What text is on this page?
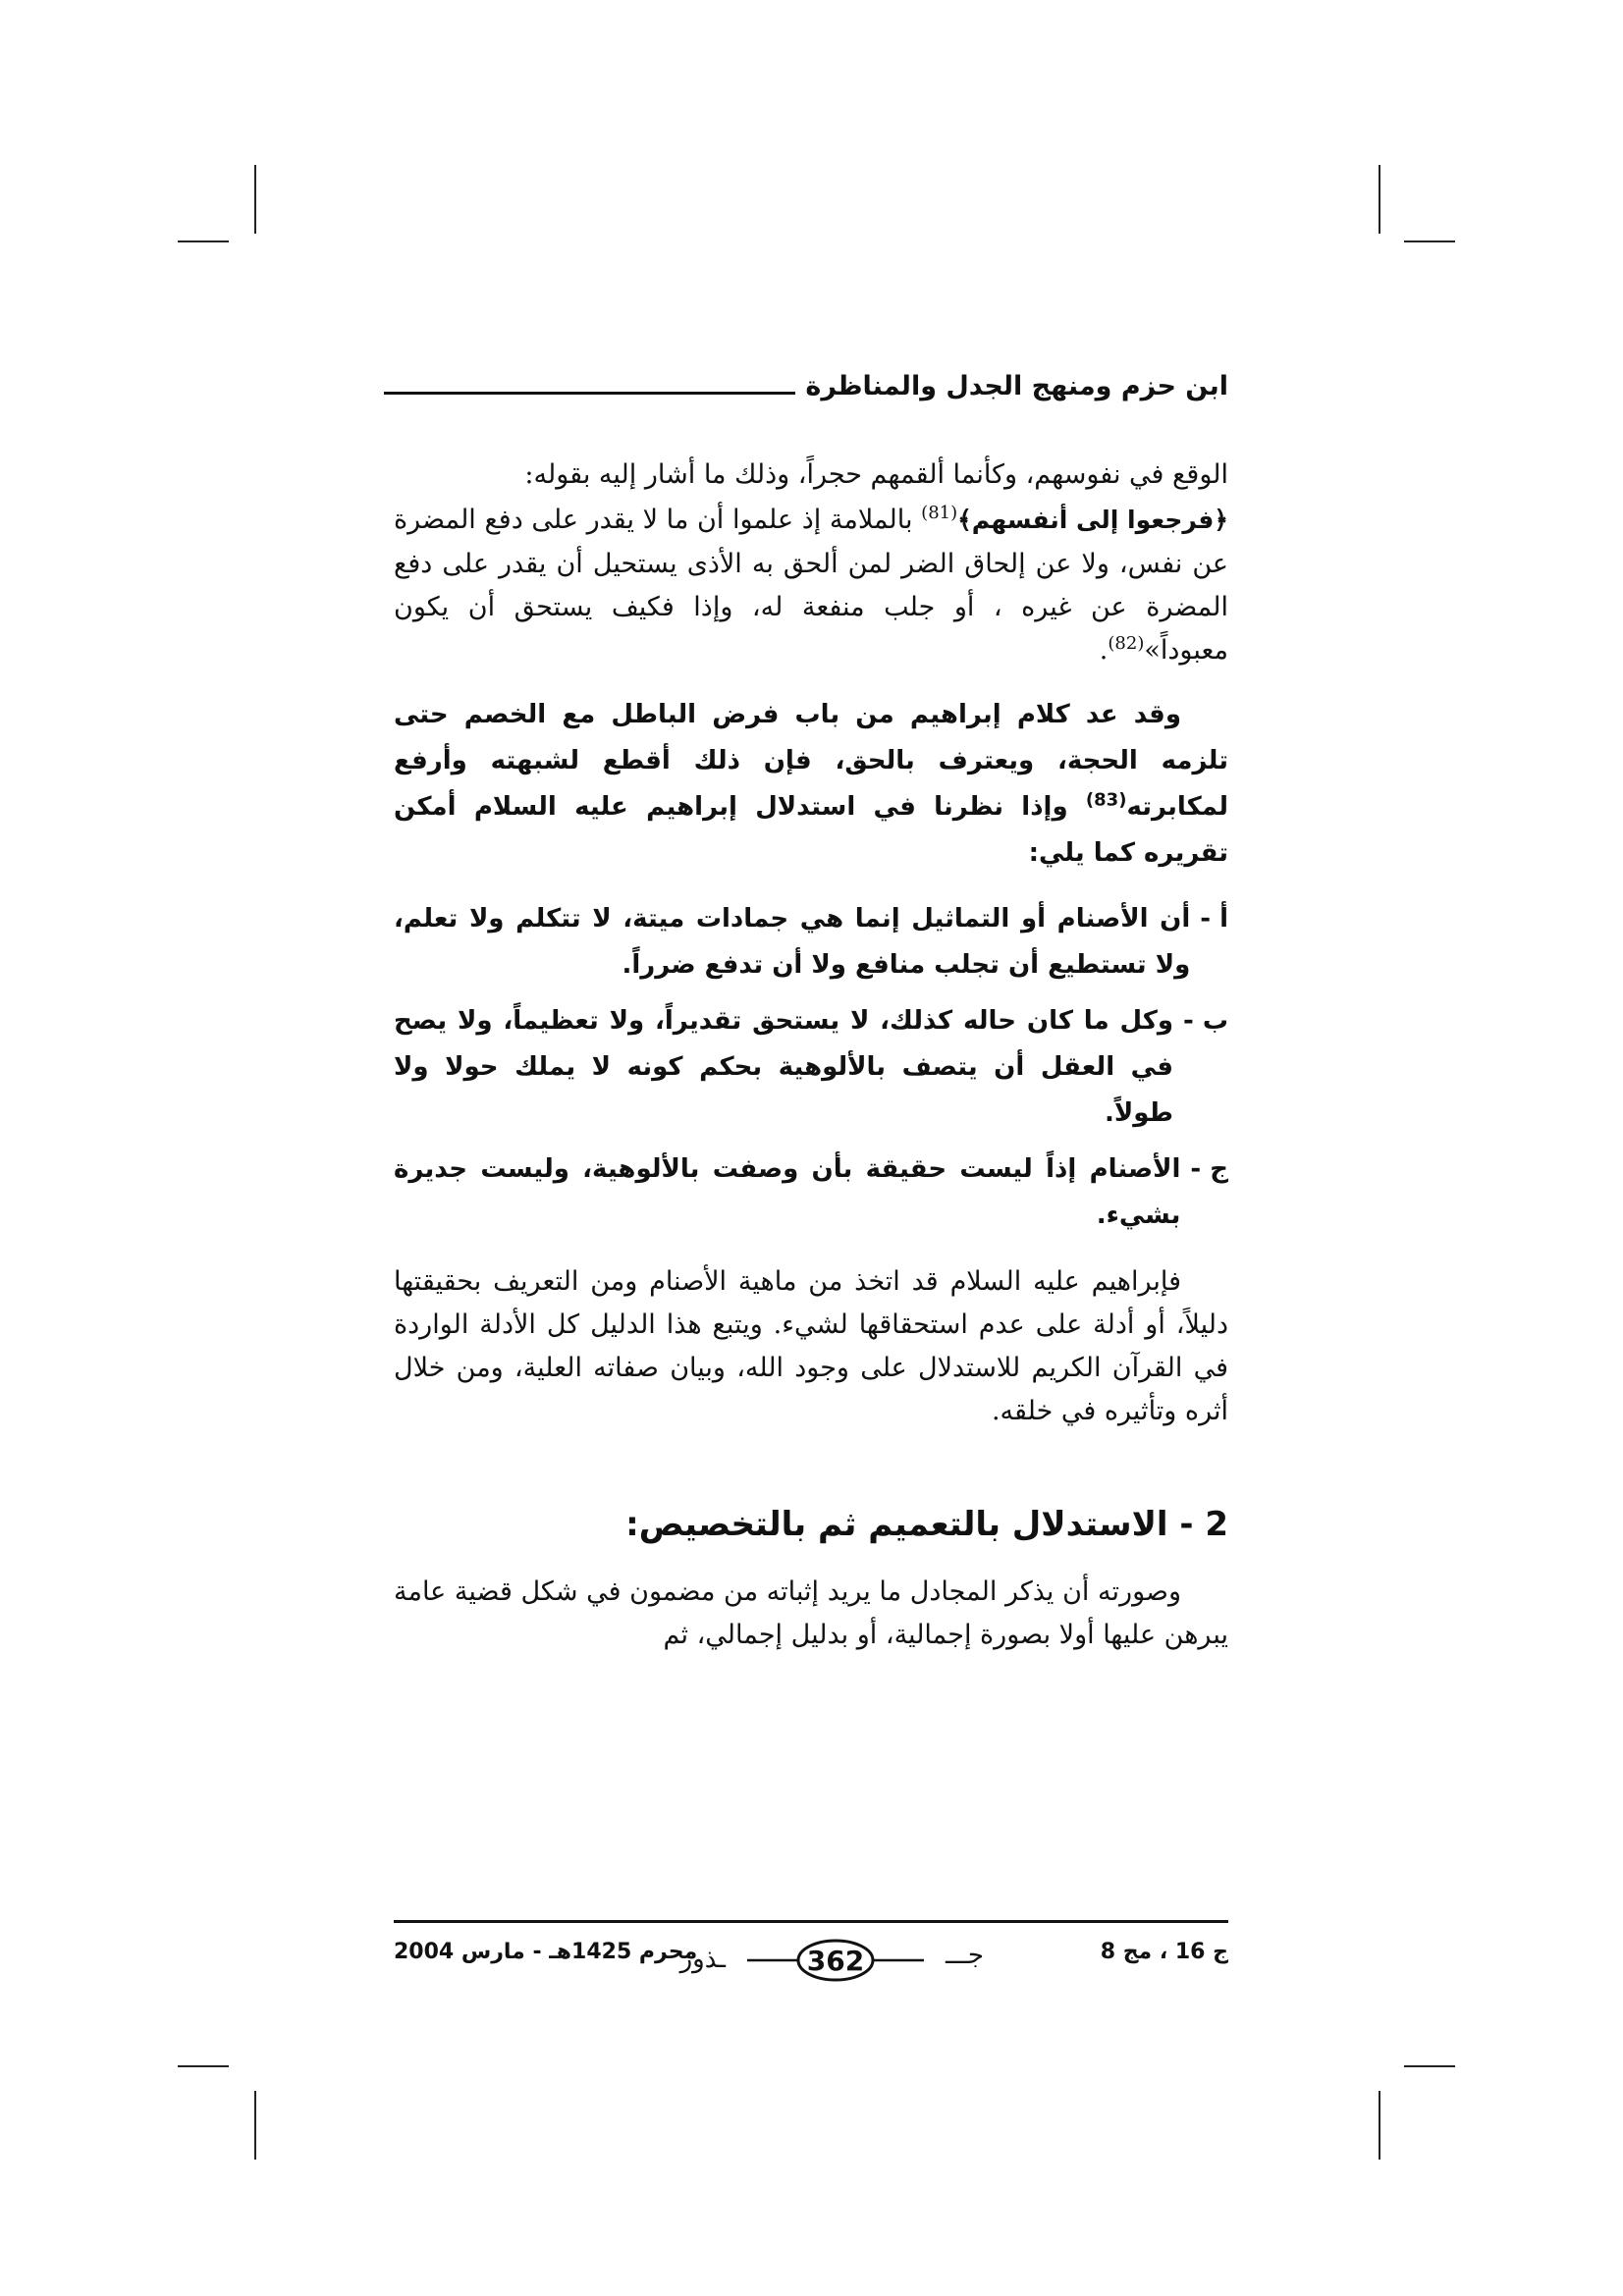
ابن حزم ومنهج الجدل والمناظرة

الوقع في نفوسهم، وكأنما ألقمهم حجراً، وذلك ما أشار إليه بقوله:
﴿فرجعوا إلى أنفسهم﴾$^{(81)}$ بالملامة إذ علموا أن ما لا يقدر على دفع المضرة عن نفس، ولا عن إلحاق الضر لمن ألحق به الأذى يستحيل أن يقدر على دفع المضرة عن غيره ، أو جلب منفعة له، وإذا فكيف يستحق أن يكون معبوداً»$^{(82)}$.

وقد عد كلام إبراهيم من باب فرض الباطل مع الخصم حتى تلزمه الحجة، ويعترف بالحق، فإن ذلك أقطع لشبهته وأرفع لمكابرته$^{(83)}$ وإذا نظرنا في استدلال إبراهيم عليه السلام أمكن تقريره كما يلي:

أ -
أن الأصنام أو التماثيل إنما هي جمادات ميتة، لا تتكلم ولا تعلم، ولا تستطيع أن تجلب منافع ولا أن تدفع ضرراً.
ب -
وكل ما كان حاله كذلك، لا يستحق تقديراً، ولا تعظيماً، ولا يصح في العقل أن يتصف بالألوهية بحكم كونه لا يملك حولا ولا طولاً.
ج -
الأصنام إذاً ليست حقيقة بأن وصفت بالألوهية، وليست جديرة بشيء.

فإبراهيم عليه السلام قد اتخذ من ماهية الأصنام ومن التعريف بحقيقتها دليلاً، أو أدلة على عدم استحقاقها لشيء. ويتبع هذا الدليل كل الأدلة الواردة في القرآن الكريم للاستدلال على وجود الله، وبيان صفاته العلية، ومن خلال أثره وتأثيره في خلقه.

2 - الاستدلال بالتعميم ثم بالتخصيص:

وصورته أن يذكر المجادل ما يريد إثباته من مضمون في شكل قضية عامة يبرهن عليها أولا بصورة إجمالية، أو بدليل إجمالي، ثم

ج 16 ، مج 8
362	جـــ
ـذور
محرم 1425هـ - مارس 2004
